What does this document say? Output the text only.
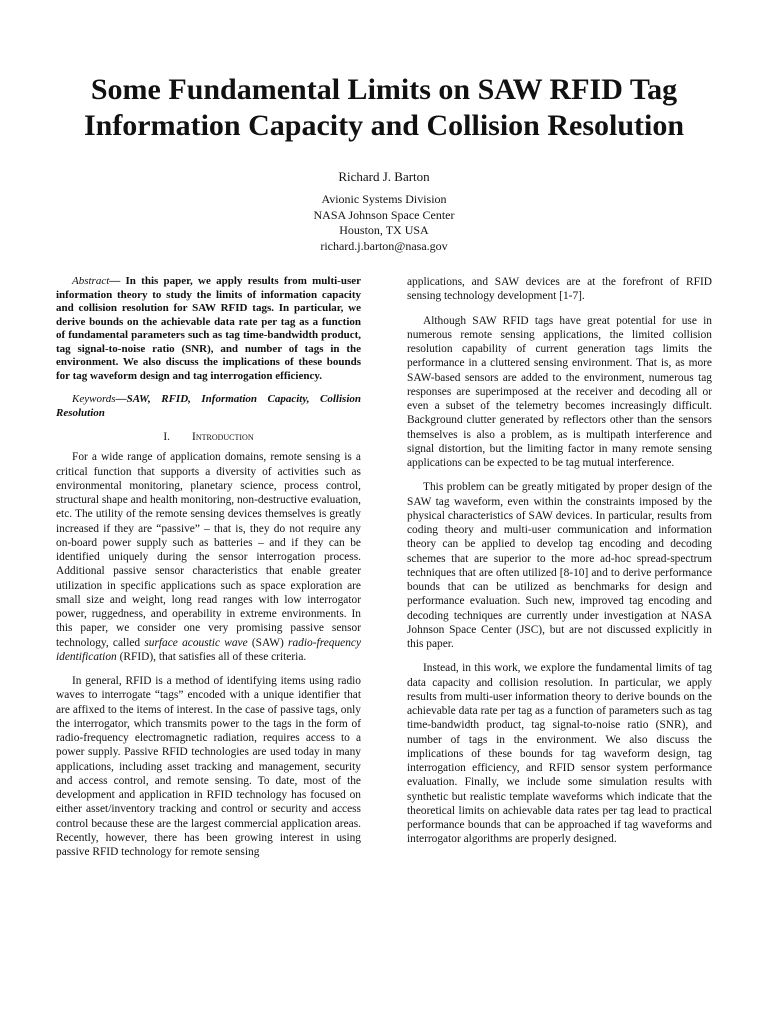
Some Fundamental Limits on SAW RFID Tag
Information Capacity and Collision Resolution
Richard J. Barton
Avionic Systems Division
NASA Johnson Space Center
Houston, TX USA
richard.j.barton@nasa.gov

Abstract— In this paper, we apply results from multi-user information theory to study the limits of information capacity and collision resolution for SAW RFID tags. In particular, we derive bounds on the achievable data rate per tag as a function of fundamental parameters such as tag time-bandwidth product, tag signal-to-noise ratio (SNR), and number of tags in the environment. We also discuss the implications of these bounds for tag waveform design and tag interrogation efficiency.

Keywords—SAW, RFID, Information Capacity, Collision Resolution

I. Introduction

For a wide range of application domains, remote sensing is a critical function that supports a diversity of activities such as environmental monitoring, planetary science, process control, structural shape and health monitoring, non-destructive evaluation, etc. The utility of the remote sensing devices themselves is greatly increased if they are “passive” – that is, they do not require any on-board power supply such as batteries – and if they can be identified uniquely during the sensor interrogation process. Additional passive sensor characteristics that enable greater utilization in specific applications such as space exploration are small size and weight, long read ranges with low interrogator power, ruggedness, and operability in extreme environments. In this paper, we consider one very promising passive sensor technology, called surface acoustic wave (SAW) radio-frequency identification (RFID), that satisfies all of these criteria.

In general, RFID is a method of identifying items using radio waves to interrogate “tags” encoded with a unique identifier that are affixed to the items of interest. In the case of passive tags, only the interrogator, which transmits power to the tags in the form of radio-frequency electromagnetic radiation, requires access to a power supply. Passive RFID technologies are used today in many applications, including asset tracking and management, security and access control, and remote sensing. To date, most of the development and application in RFID technology has focused on either asset/inventory tracking and control or security and access control because these are the largest commercial application areas. Recently, however, there has been growing interest in using passive RFID technology for remote sensing

applications, and SAW devices are at the forefront of RFID sensing technology development [1-7].

Although SAW RFID tags have great potential for use in numerous remote sensing applications, the limited collision resolution capability of current generation tags limits the performance in a cluttered sensing environment. That is, as more SAW-based sensors are added to the environment, numerous tag responses are superimposed at the receiver and decoding all or even a subset of the telemetry becomes increasingly difficult. Background clutter generated by reflectors other than the sensors themselves is also a problem, as is multipath interference and signal distortion, but the limiting factor in many remote sensing applications can be expected to be tag mutual interference.

This problem can be greatly mitigated by proper design of the SAW tag waveform, even within the constraints imposed by the physical characteristics of SAW devices. In particular, results from coding theory and multi-user communication and information theory can be applied to develop tag encoding and decoding schemes that are superior to the more ad-hoc spread-spectrum techniques that are often utilized [8-10] and to derive performance bounds that can be utilized as benchmarks for design and performance evaluation. Such new, improved tag encoding and decoding techniques are currently under investigation at NASA Johnson Space Center (JSC), but are not discussed explicitly in this paper.

Instead, in this work, we explore the fundamental limits of tag data capacity and collision resolution. In particular, we apply results from multi-user information theory to derive bounds on the achievable data rate per tag as a function of parameters such as tag time-bandwidth product, tag signal-to-noise ratio (SNR), and number of tags in the environment. We also discuss the implications of these bounds for tag waveform design, tag interrogation efficiency, and RFID sensor system performance evaluation. Finally, we include some simulation results with synthetic but realistic template waveforms which indicate that the theoretical limits on achievable data rates per tag lead to practical performance bounds that can be approached if tag waveforms and interrogator algorithms are properly designed.
